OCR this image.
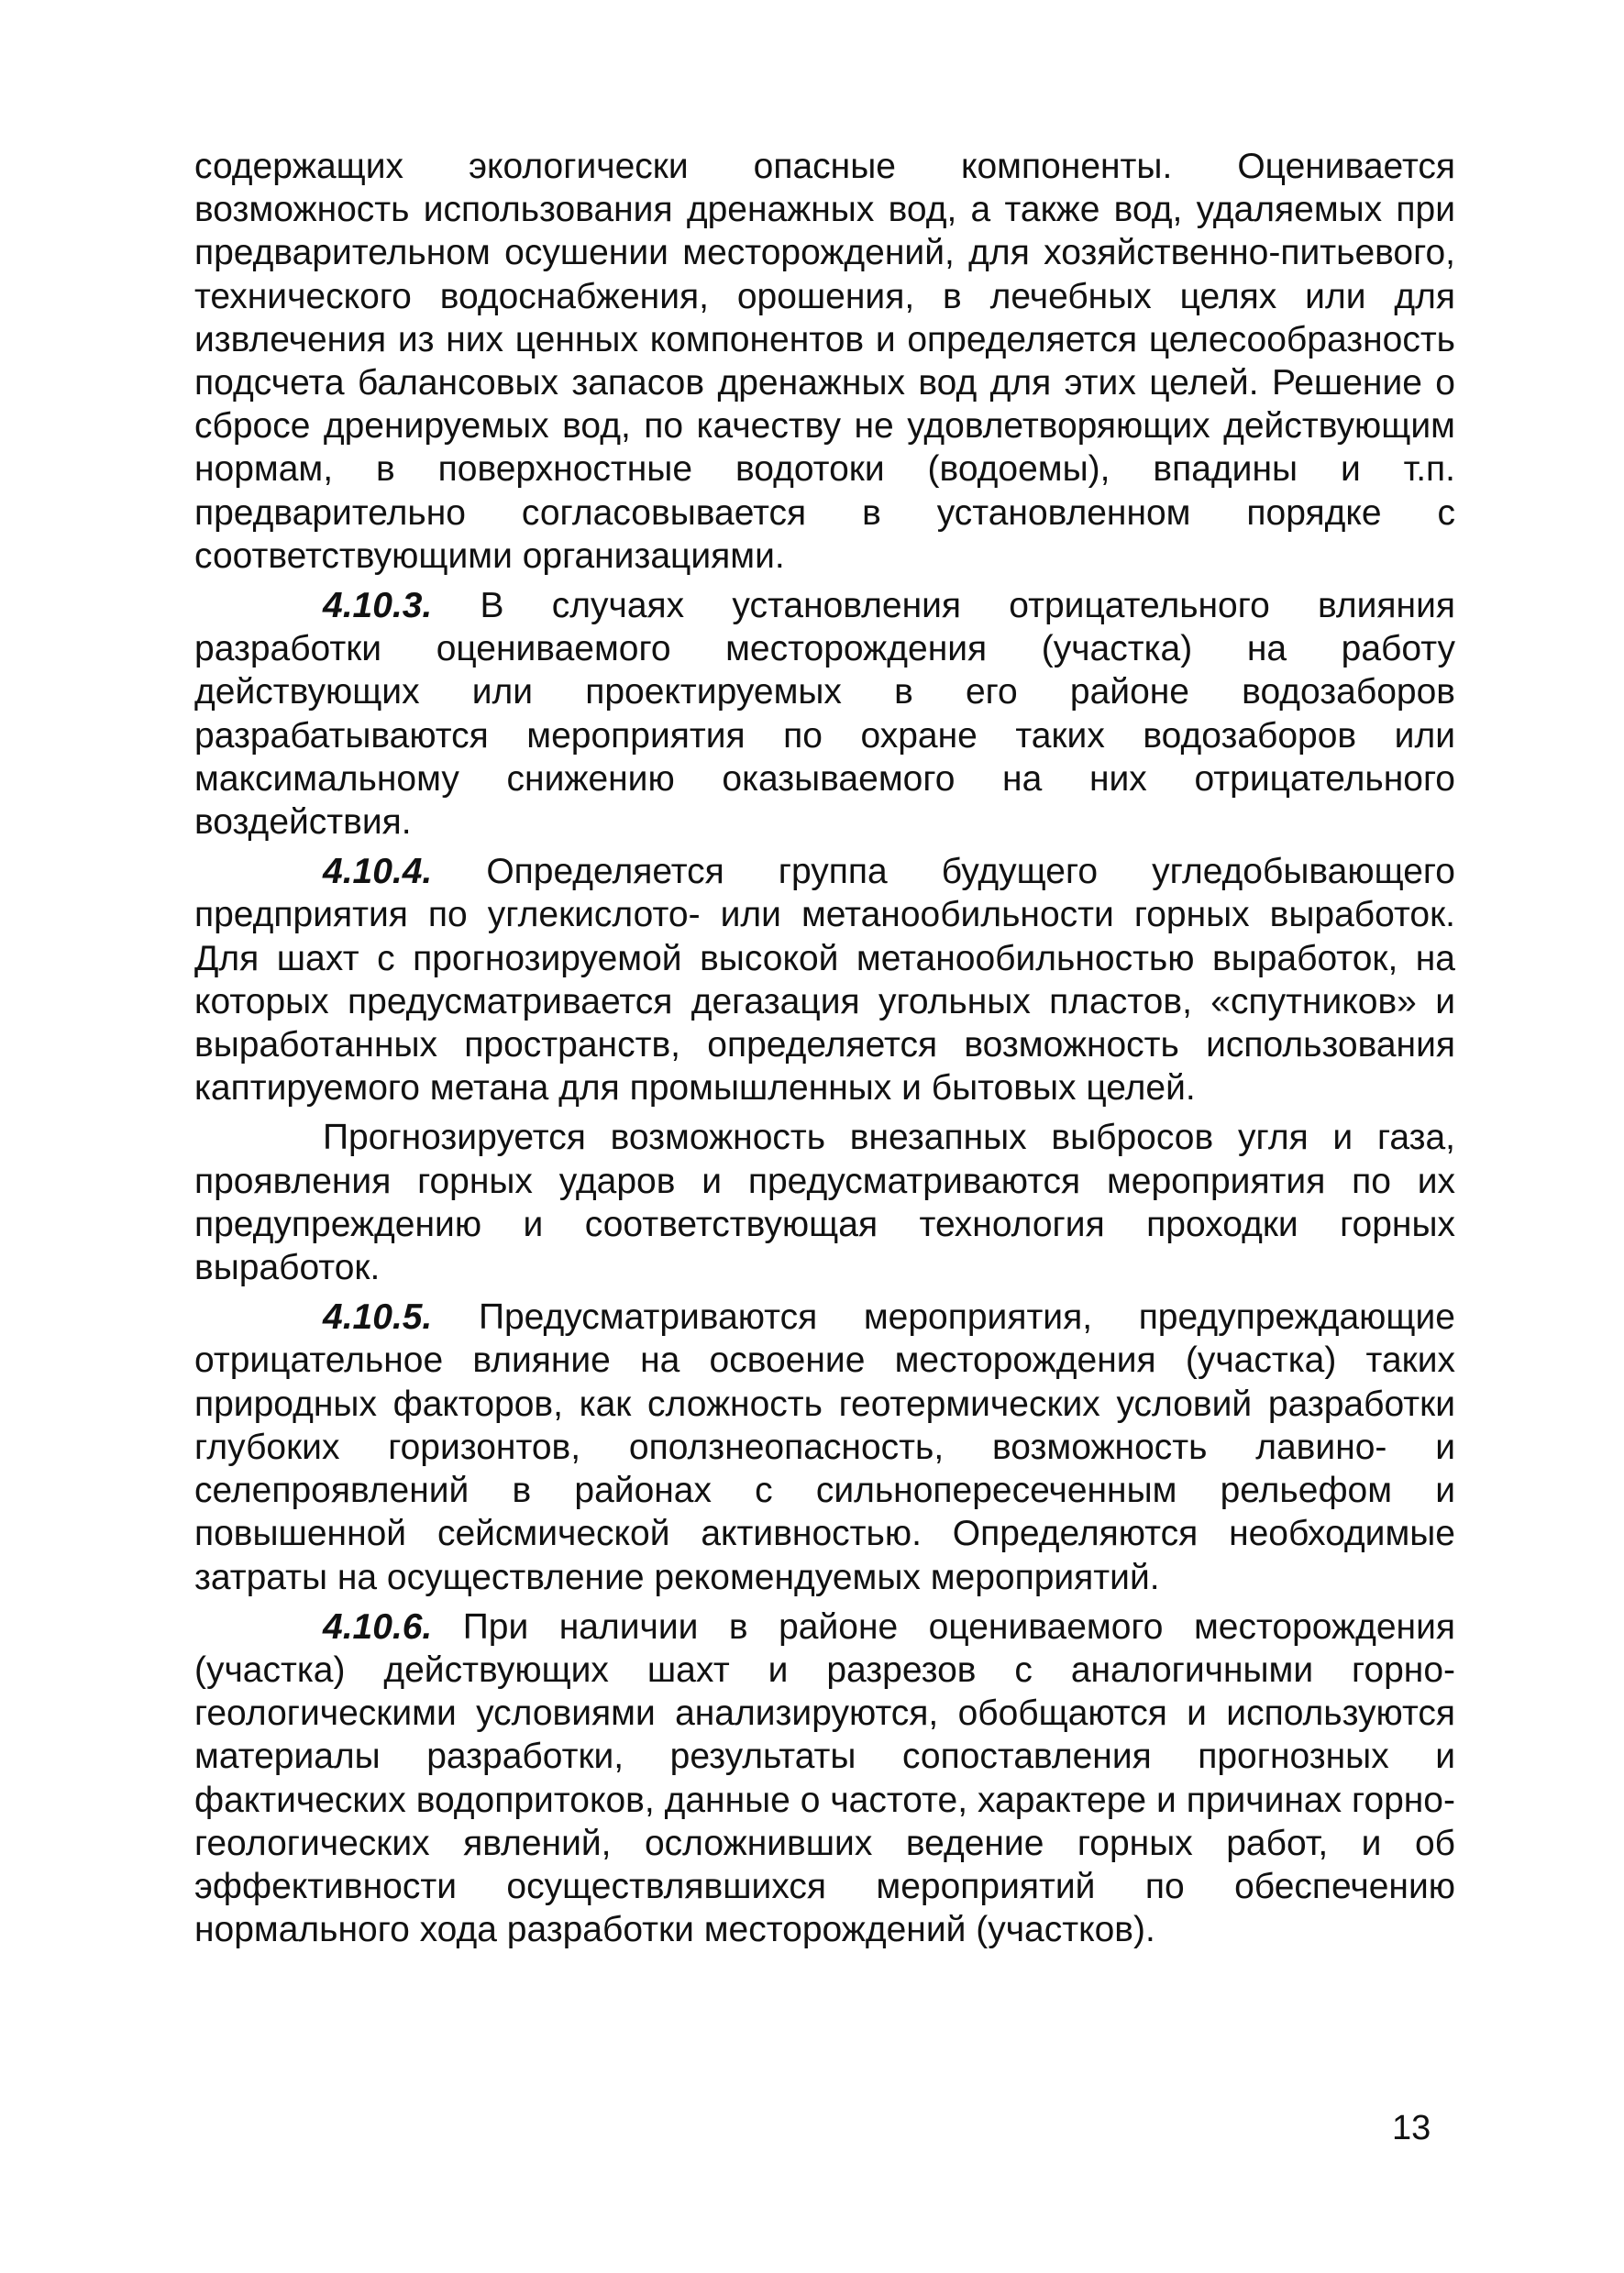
содержащих экологически опасные компоненты. Оценивается возможность использования дренажных вод, а также вод, удаляемых при предварительном осушении месторождений, для хозяйственно-питьевого, технического водоснабжения, орошения, в лечебных целях или для извлечения из них ценных компонентов и определяется целесообразность подсчета балансовых запасов дренажных вод для этих целей. Решение о сбросе дренируемых вод, по качеству не удовлетворяющих действующим нормам, в поверхностные водотоки (водоемы), впадины и т.п. предварительно согласовывается в установленном порядке с соответствующими организациями.

4.10.3. В случаях установления отрицательного влияния разработки оцениваемого месторождения (участка) на работу действующих или проектируемых в его районе водозаборов разрабатываются мероприятия по охране таких водозаборов или максимальному снижению оказываемого на них отрицательного воздействия.

4.10.4. Определяется группа будущего угледобывающего предприятия по углекислото- или метанообильности горных выработок. Для шахт с прогнозируемой высокой метанообильностью выработок, на которых предусматривается дегазация угольных пластов, «спутников» и выработанных пространств, определяется возможность использования каптируемого метана для промышленных и бытовых целей.

Прогнозируется возможность внезапных выбросов угля и газа, проявления горных ударов и предусматриваются мероприятия по их предупреждению и соответствующая технология проходки горных выработок.

4.10.5. Предусматриваются мероприятия, предупреждающие отрицательное влияние на освоение месторождения (участка) таких природных факторов, как сложность геотермических условий разработки глубоких горизонтов, оползнеопасность, возможность лавино- и селепроявлений в районах с сильнопересеченным рельефом и повышенной сейсмической активностью. Определяются необходимые затраты на осуществление рекомендуемых мероприятий.

4.10.6. При наличии в районе оцениваемого месторождения (участка) действующих шахт и разрезов с аналогичными горно-геологическими условиями анализируются, обобщаются и используются материалы разработки, результаты сопоставления прогнозных и фактических водопритоков, данные о частоте, характере и причинах горно-геологических явлений, осложнивших ведение горных работ, и об эффективности осуществлявшихся мероприятий по обеспечению нормального хода разработки месторождений (участков).

13
